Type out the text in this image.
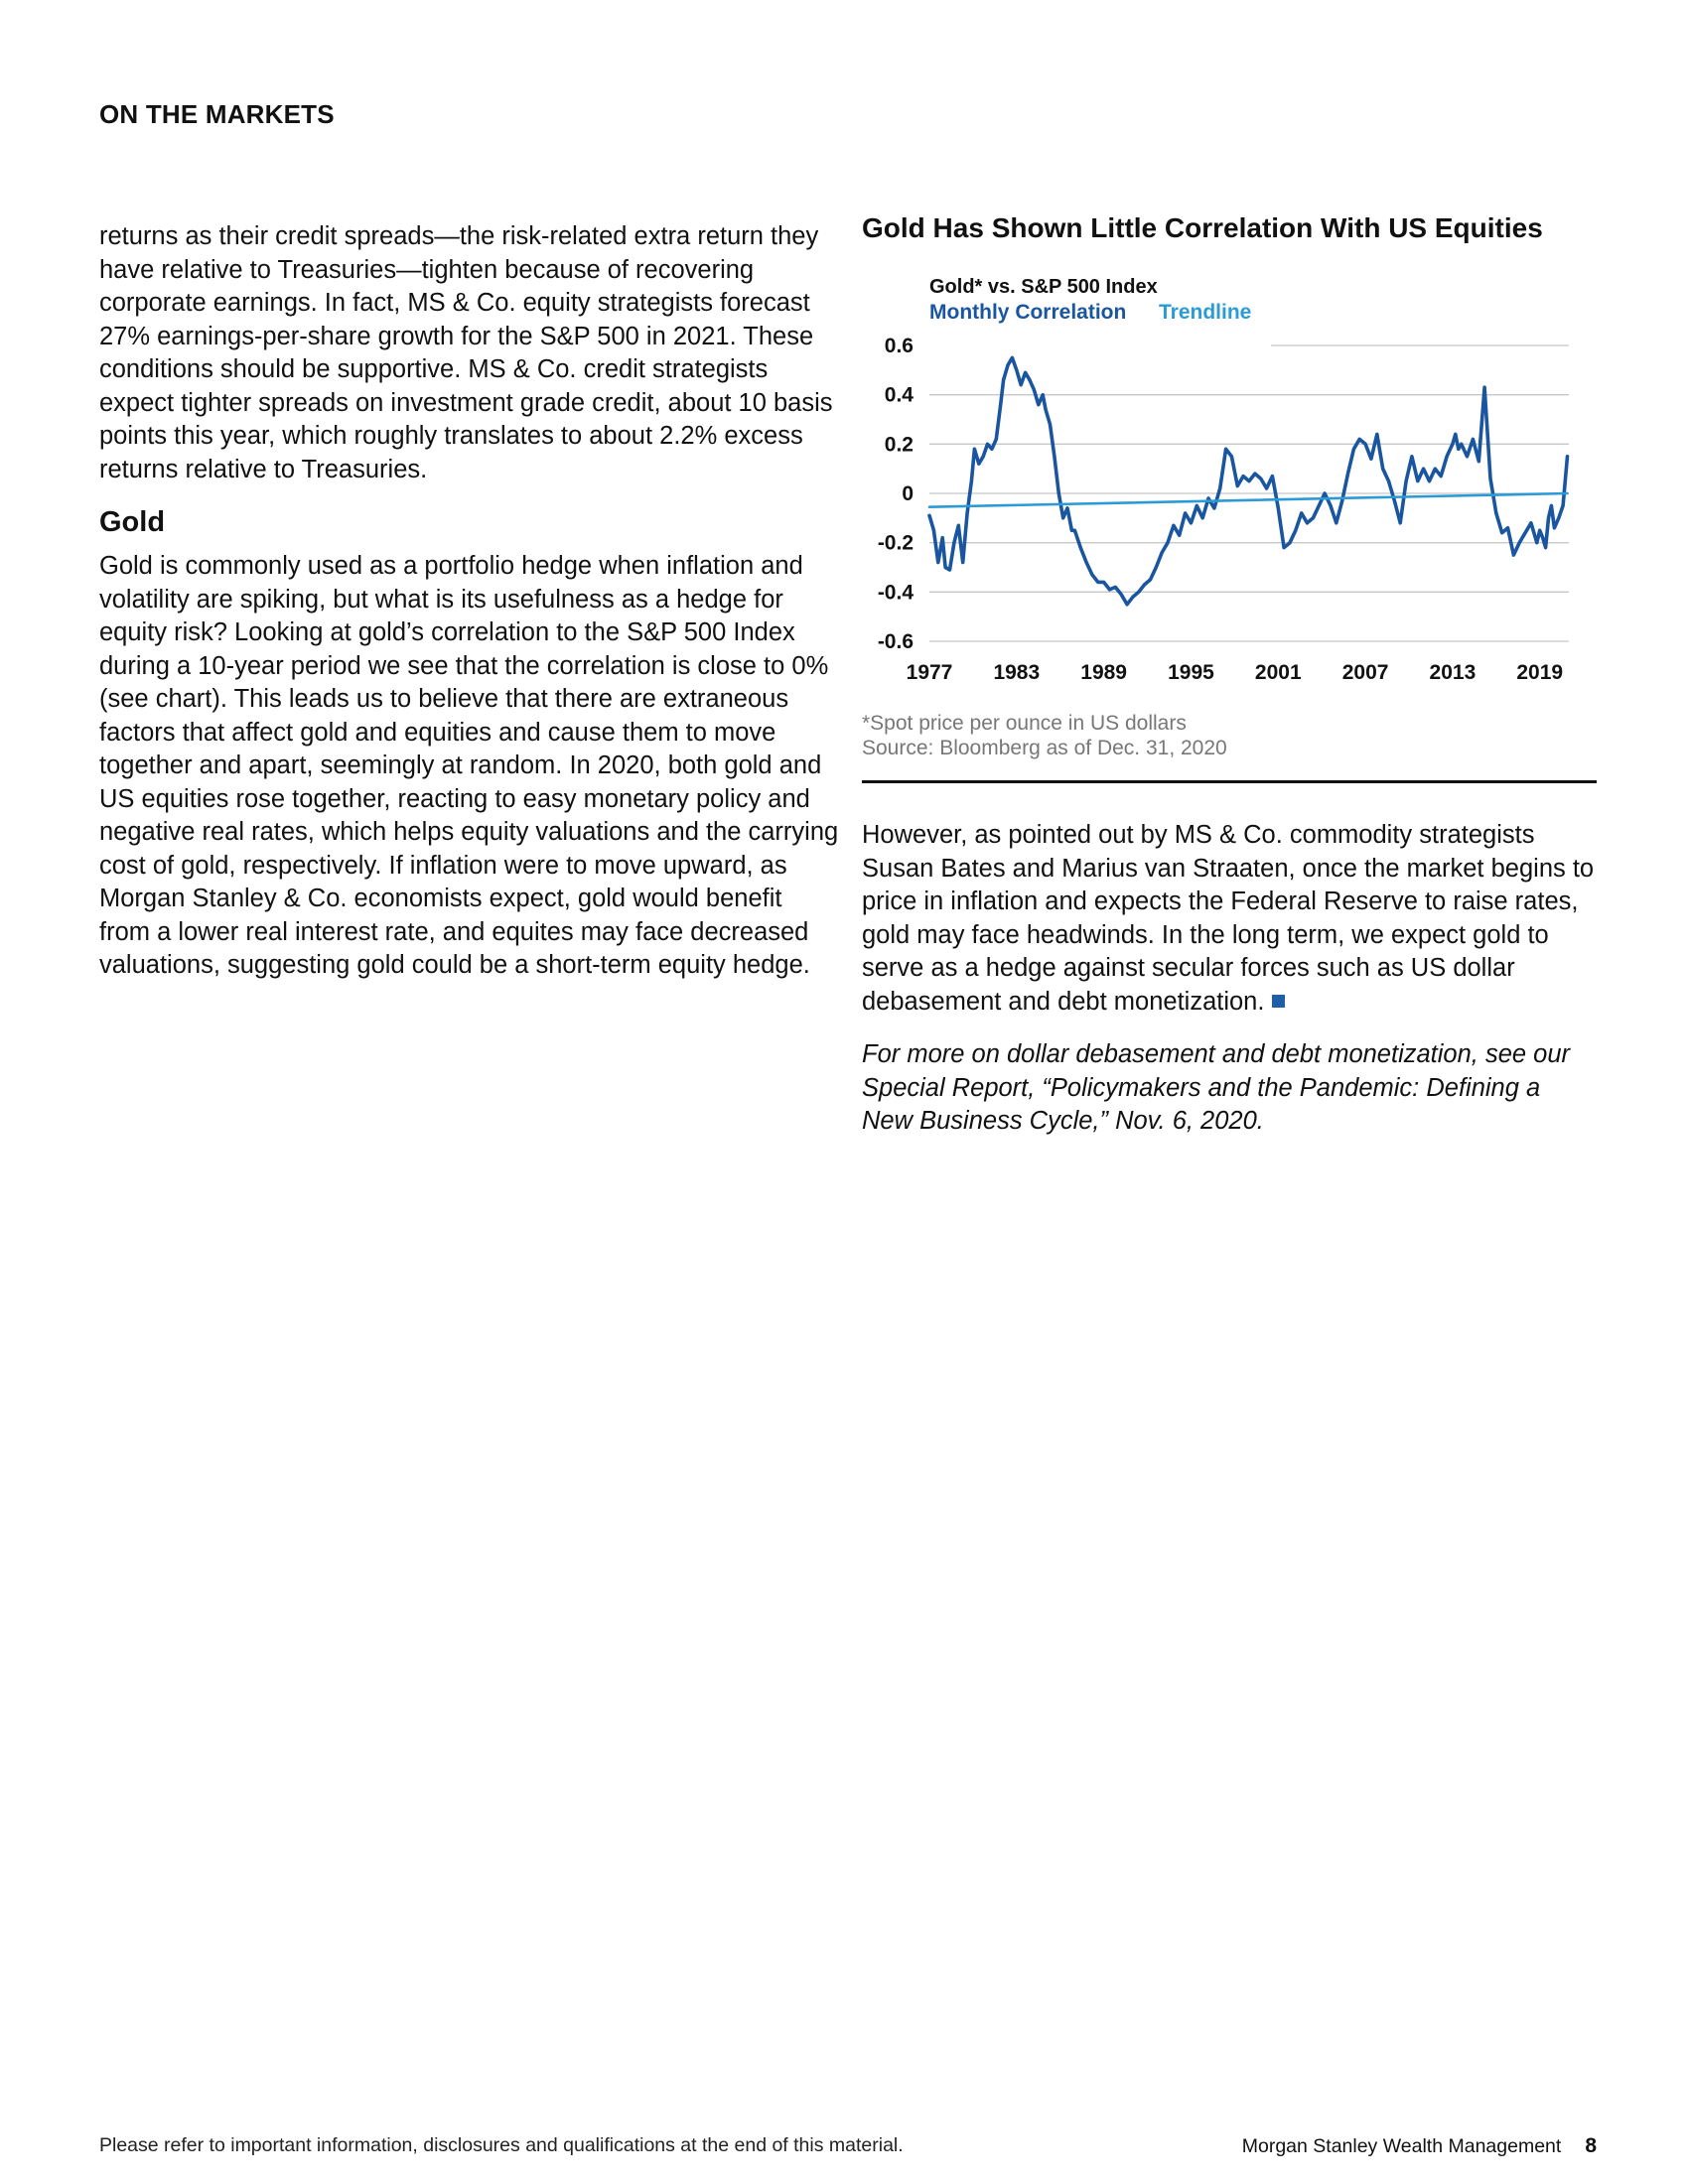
ON THE MARKETS

returns as their credit spreads—the risk-related extra return they have relative to Treasuries—tighten because of recovering corporate earnings. In fact, MS & Co. equity strategists forecast 27% earnings-per-share growth for the S&P 500 in 2021. These conditions should be supportive. MS & Co. credit strategists expect tighter spreads on investment grade credit, about 10 basis points this year, which roughly translates to about 2.2% excess returns relative to Treasuries.

Gold

Gold is commonly used as a portfolio hedge when inflation and volatility are spiking, but what is its usefulness as a hedge for equity risk? Looking at gold’s correlation to the S&P 500 Index during a 10-year period we see that the correlation is close to 0% (see chart). This leads us to believe that there are extraneous factors that affect gold and equities and cause them to move together and apart, seemingly at random. In 2020, both gold and US equities rose together, reacting to easy monetary policy and negative real rates, which helps equity valuations and the carrying cost of gold, respectively. If inflation were to move upward, as Morgan Stanley & Co. economists expect, gold would benefit from a lower real interest rate, and equites may face decreased valuations, suggesting gold could be a short-term equity hedge.

Gold Has Shown Little Correlation With US Equities
Gold* vs. S&P 500 Index
Monthly Correlation Trendline
0.6
0.4
0.2
0
-0.2
-0.4
-0.6
1977 1983 1989 1995 2001 2007 2013 2019
*Spot price per ounce in US dollars
Source: Bloomberg as of Dec. 31, 2020

However, as pointed out by MS & Co. commodity strategists Susan Bates and Marius van Straaten, once the market begins to price in inflation and expects the Federal Reserve to raise rates, gold may face headwinds. In the long term, we expect gold to serve as a hedge against secular forces such as US dollar debasement and debt monetization.

For more on dollar debasement and debt monetization, see our Special Report, “Policymakers and the Pandemic: Defining a New Business Cycle,” Nov. 6, 2020.

Please refer to important information, disclosures and qualifications at the end of this material.	Morgan Stanley Wealth Management 8
